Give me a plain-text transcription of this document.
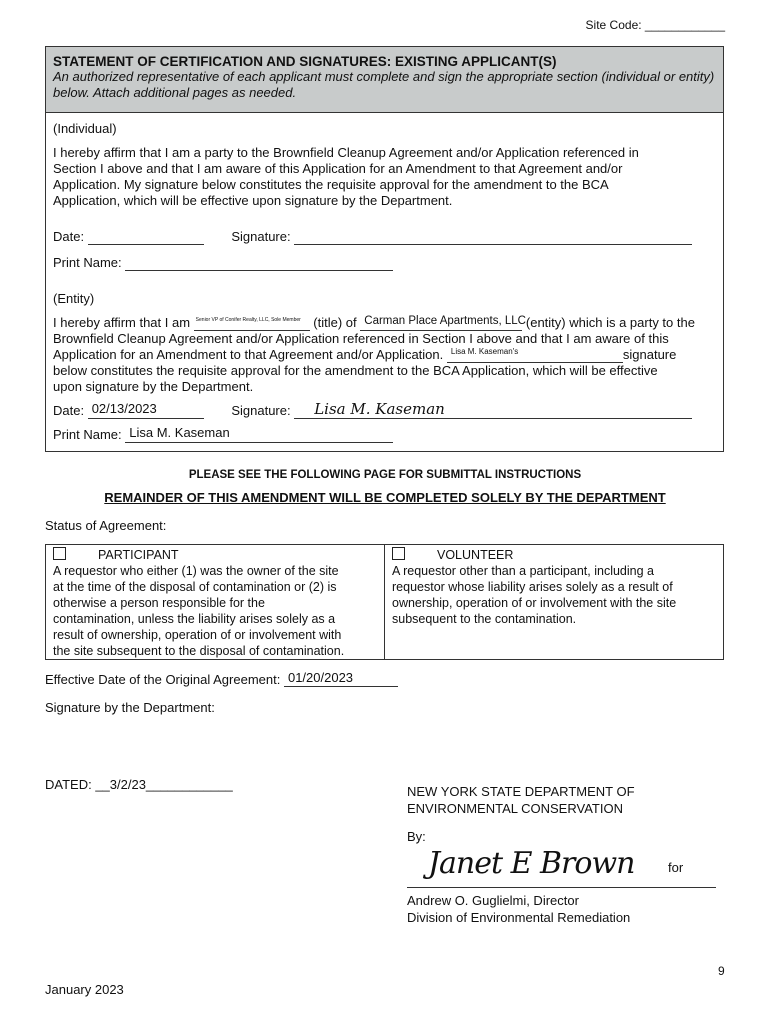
Site Code: ____________
STATEMENT OF CERTIFICATION AND SIGNATURES: EXISTING APPLICANT(S)
An authorized representative of each applicant must complete and sign the appropriate section (individual or entity) below. Attach additional pages as needed.
(Individual)
I hereby affirm that I am a party to the Brownfield Cleanup Agreement and/or Application referenced in
Section I above and that I am aware of this Application for an Amendment to that Agreement and/or
Application. My signature below constitutes the requisite approval for the amendment to the BCA
Application, which will be effective upon signature by the Department.
Date:	Signature:
Print Name:
(Entity)
I hereby affirm that I am Senior VP of Conifer Realty, LLC, Sole Member (title) of Carman Place Apartments, LLC (entity) which is a party to the
Brownfield Cleanup Agreement and/or Application referenced in Section I above and that I am aware of this
Application for an Amendment to that Agreement and/or Application. Lisa M. Kaseman's	signature
below constitutes the requisite approval for the amendment to the BCA Application, which will be effective
upon signature by the Department.
Date: 02/13/2023	Signature: Lisa M. Kaseman
Print Name: Lisa M. Kaseman
PLEASE SEE THE FOLLOWING PAGE FOR SUBMITTAL INSTRUCTIONS
REMAINDER OF THIS AMENDMENT WILL BE COMPLETED SOLELY BY THE DEPARTMENT
Status of Agreement:
PARTICIPANT
A requestor who either (1) was the owner of the site
at the time of the disposal of contamination or (2) is
otherwise a person responsible for the
contamination, unless the liability arises solely as a
result of ownership, operation of or involvement with
the site subsequent to the disposal of contamination.
VOLUNTEER
A requestor other than a participant, including a
requestor whose liability arises solely as a result of
ownership, operation of or involvement with the site
subsequent to the contamination.
Effective Date of the Original Agreement: 01/20/2023
Signature by the Department:
DATED: __3/2/23____________	NEW YORK STATE DEPARTMENT OF
ENVIRONMENTAL CONSERVATION
By:
Janet E Brown	for
Andrew O. Guglielmi, Director
Division of Environmental Remediation
9
January 2023
